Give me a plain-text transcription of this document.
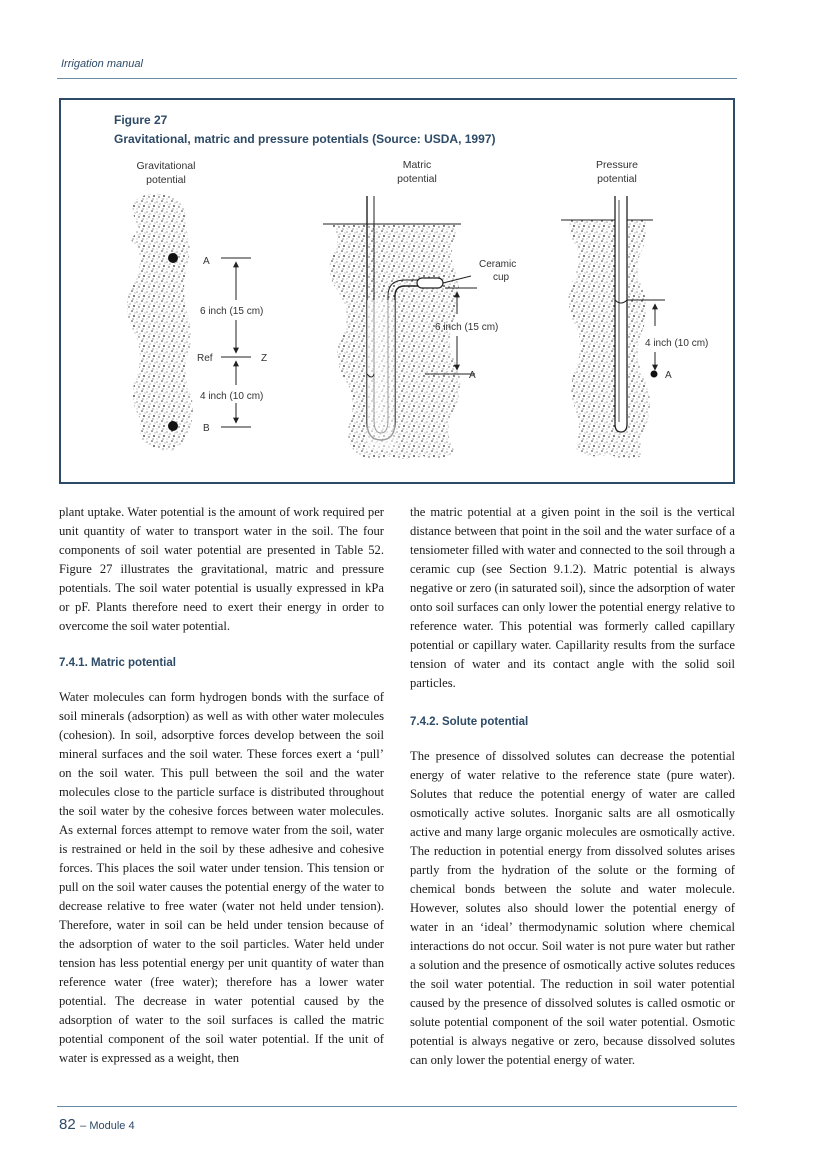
Irrigation manual
Gravitational
potential
A
6 inch (15 cm)
Ref	Z
4 inch (10 cm)
B
Matric
potential
Ceramic
cup
6 inch (15 cm)
A
Pressure
potential
4 inch (10 cm)
A
Figure 27
Gravitational, matric and pressure potentials (Source: USDA, 1997)

plant uptake. Water potential is the amount of work required per unit quantity of water to transport water in the soil. The four components of soil water potential are presented in Table 52. Figure 27 illustrates the gravitational, matric and pressure potentials. The soil water potential is usually expressed in kPa or pF. Plants therefore need to exert their energy in order to overcome the soil water potential.

7.4.1. Matric potential

Water molecules can form hydrogen bonds with the surface of soil minerals (adsorption) as well as with other water molecules (cohesion). In soil, adsorptive forces develop between the soil mineral surfaces and the soil water. These forces exert a ‘pull’ on the soil water. This pull between the soil and the water molecules close to the particle surface is distributed throughout the soil water by the cohesive forces between water molecules. As external forces attempt to remove water from the soil, water is restrained or held in the soil by these adhesive and cohesive forces. This places the soil water under tension. This tension or pull on the soil water causes the potential energy of the water to decrease relative to free water (water not held under tension). Therefore, water in soil can be held under tension because of the adsorption of water to the soil particles. Water held under tension has less potential energy per unit quantity of water than reference water (free water); therefore has a lower water potential. The decrease in water potential caused by the adsorption of water to the soil surfaces is called the matric potential component of the soil water potential. If the unit of water is expressed as a weight, then

the matric potential at a given point in the soil is the vertical distance between that point in the soil and the water surface of a tensiometer filled with water and connected to the soil through a ceramic cup (see Section 9.1.2). Matric potential is always negative or zero (in saturated soil), since the adsorption of water onto soil surfaces can only lower the potential energy relative to reference water. This potential was formerly called capillary potential or capillary water. Capillarity results from the surface tension of water and its contact angle with the solid soil particles.

7.4.2. Solute potential

The presence of dissolved solutes can decrease the potential energy of water relative to the reference state (pure water). Solutes that reduce the potential energy of water are called osmotically active solutes. Inorganic salts are all osmotically active and many large organic molecules are osmotically active. The reduction in potential energy from dissolved solutes arises partly from the hydration of the solute or the forming of chemical bonds between the solute and water molecule. However, solutes also should lower the potential energy of water in an ‘ideal’ thermodynamic solution where chemical interactions do not occur. Soil water is not pure water but rather a solution and the presence of osmotically active solutes reduces the soil water potential. The reduction in soil water potential caused by the presence of dissolved solutes is called osmotic or solute potential component of the soil water potential. Osmotic potential is always negative or zero, because dissolved solutes can only lower the potential energy of water.

82 – Module 4
